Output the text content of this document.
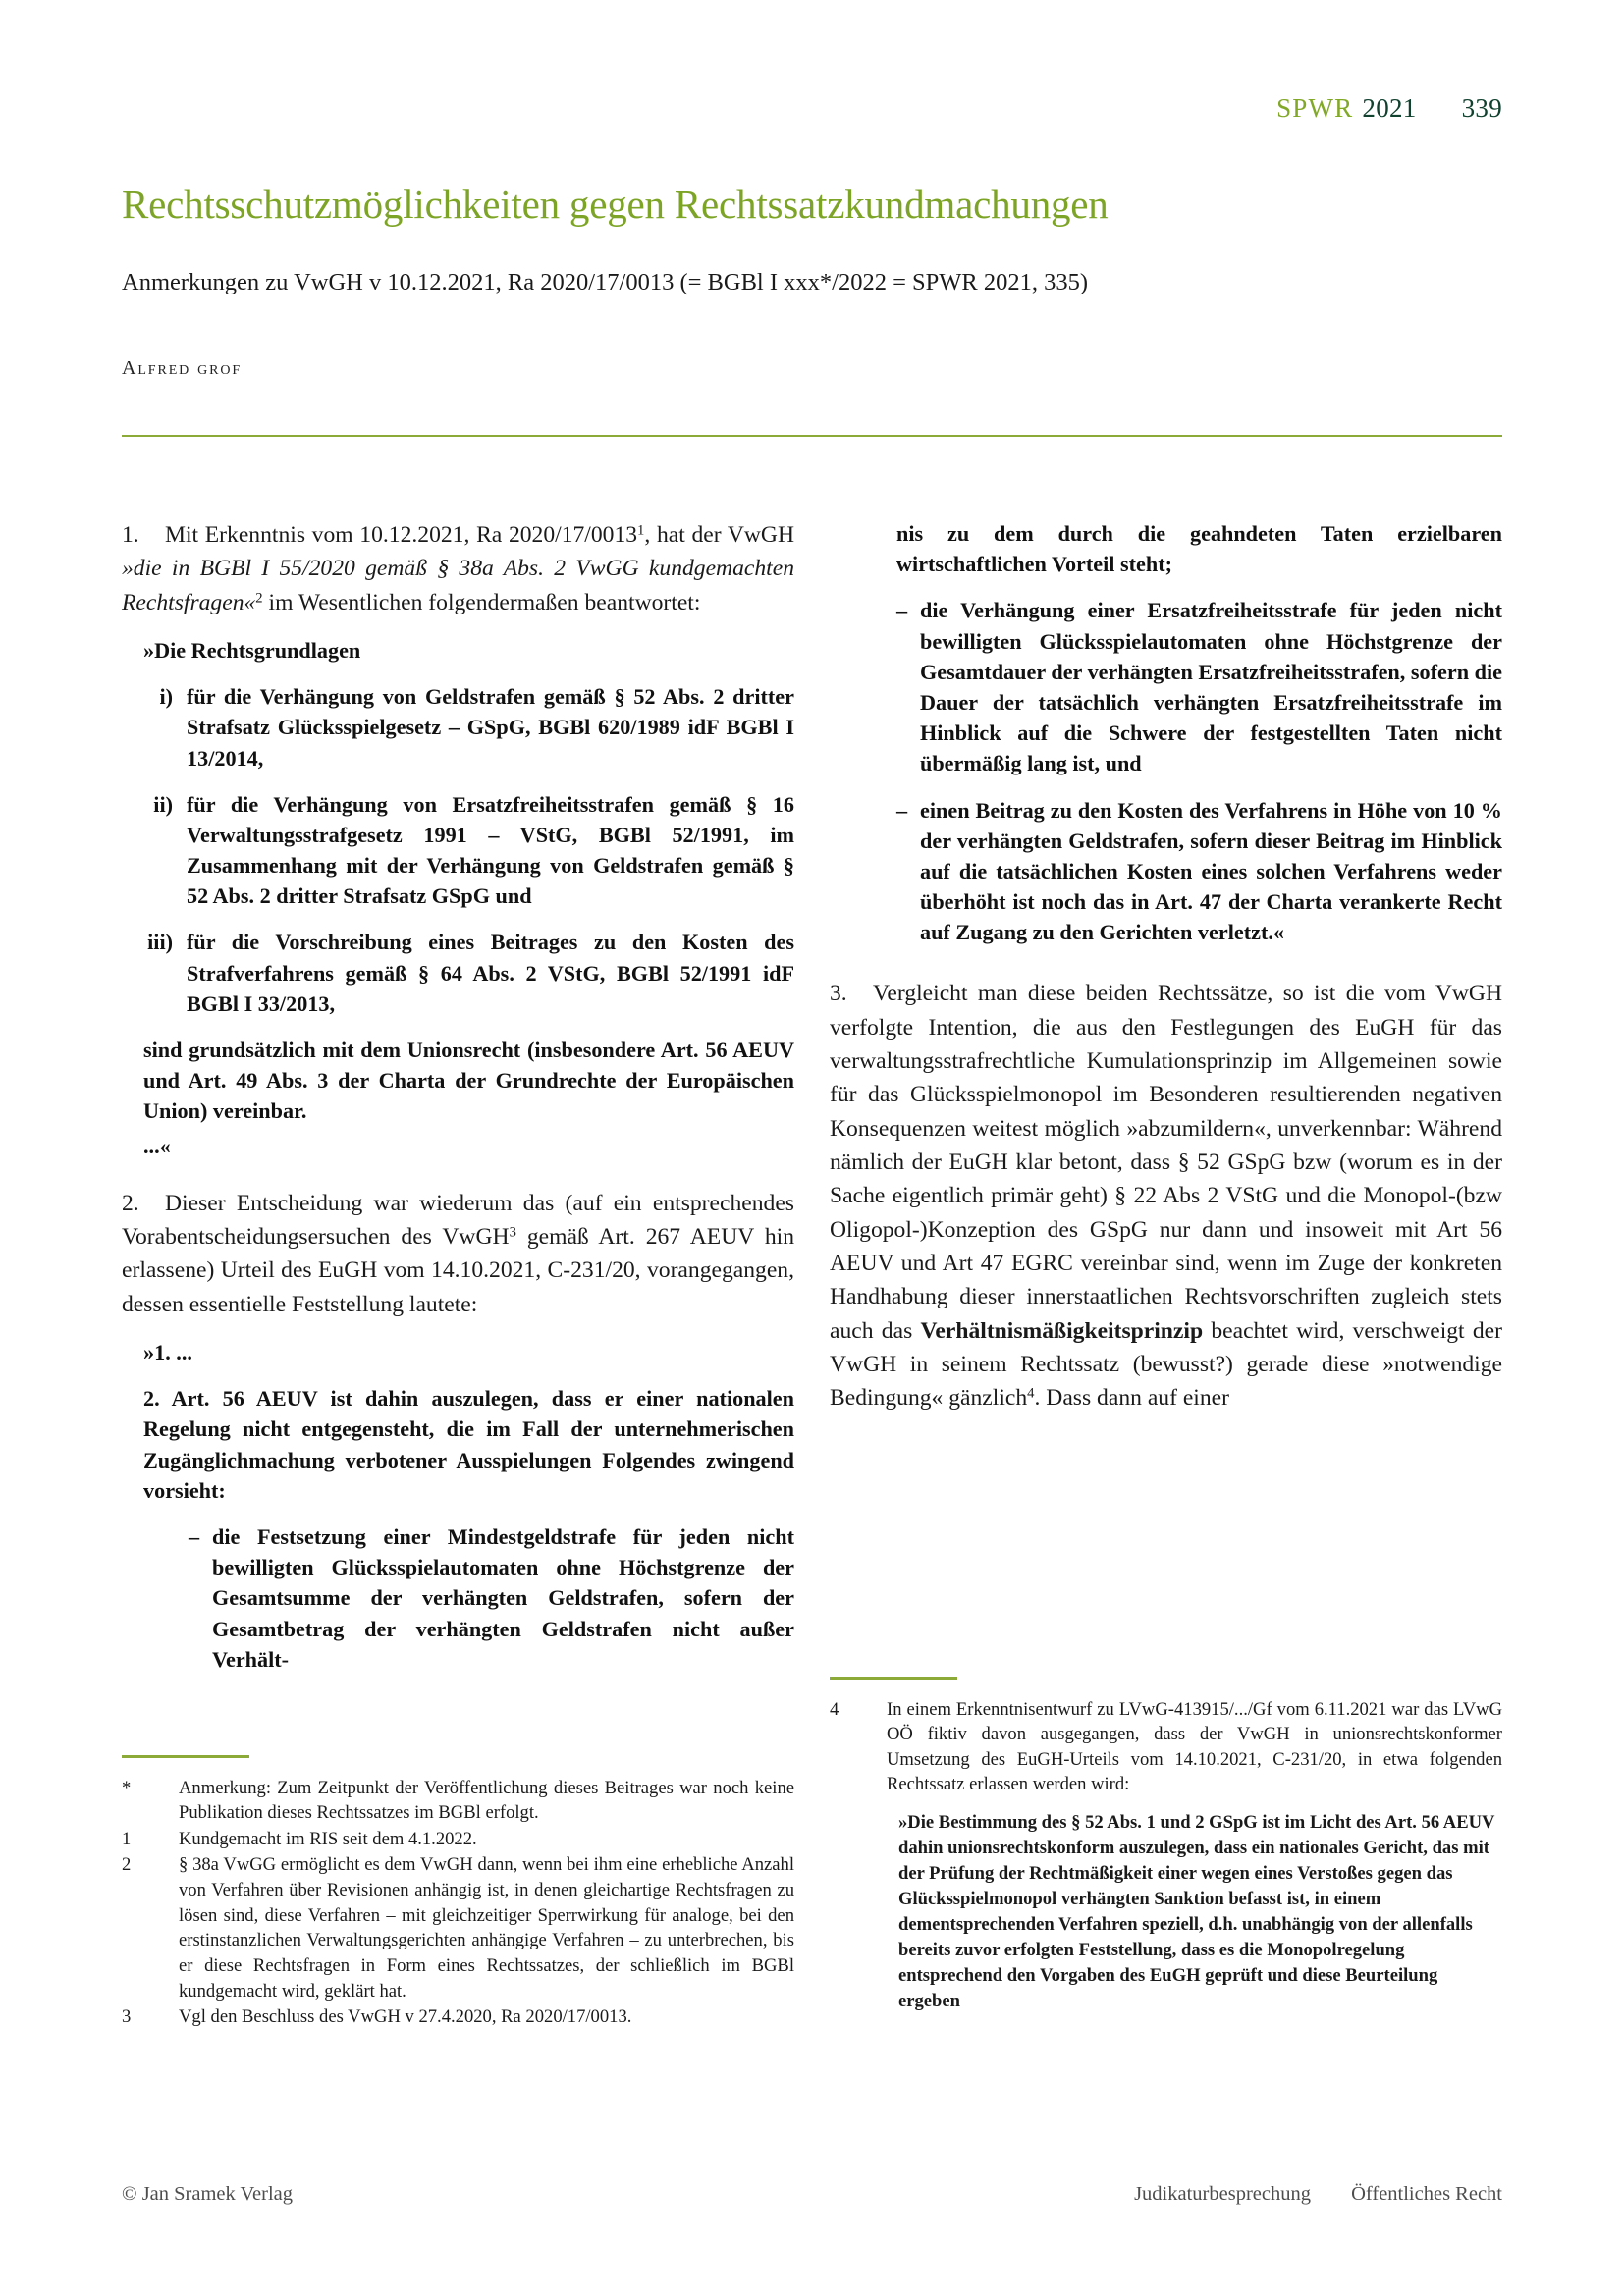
SPWR 2021 339
Rechtsschutzmöglichkeiten gegen Rechtssatzkundmachungen
Anmerkungen zu VwGH v 10.12.2021, Ra 2020/17/0013 (= BGBl I xxx*/2022 = SPWR 2021, 335)
Alfred grof

1. Mit Erkenntnis vom 10.12.2021, Ra 2020/17/0013$^1$, hat der VwGH »die in BGBl I 55/2020 gemäß § 38a Abs. 2 VwGG kundgemachten Rechtsfragen«$^2$ im Wesentlichen folgendermaßen beantwortet:

»Die Rechtsgrundlagen
i) für die Verhängung von Geldstrafen gemäß § 52 Abs. 2 dritter Strafsatz Glücksspielgesetz – GSpG, BGBl 620/1989 idF BGBl I 13/2014,
ii) für die Verhängung von Ersatzfreiheitsstrafen gemäß § 16 Verwaltungsstrafgesetz 1991 – VStG, BGBl 52/1991, im Zusammenhang mit der Verhängung von Geldstrafen gemäß § 52 Abs. 2 dritter Strafsatz GSpG und
iii) für die Vorschreibung eines Beitrages zu den Kosten des Strafverfahrens gemäß § 64 Abs. 2 VStG, BGBl 52/1991 idF BGBl I 33/2013,
sind grundsätzlich mit dem Unionsrecht (insbesondere Art. 56 AEUV und Art. 49 Abs. 3 der Charta der Grundrechte der Europäischen Union) vereinbar.
...«

2. Dieser Entscheidung war wiederum das (auf ein entsprechendes Vorabentscheidungsersuchen des VwGH$^3$ gemäß Art. 267 AEUV hin erlassene) Urteil des EuGH vom 14.10.2021, C-231/20, vorangegangen, dessen essentielle Feststellung lautete:

»1. ...
2. Art. 56 AEUV ist dahin auszulegen, dass er einer nationalen Regelung nicht entgegensteht, die im Fall der unternehmerischen Zugänglichmachung verbotener Ausspielungen Folgendes zwingend vorsieht:
– die Festsetzung einer Mindestgeldstrafe für jeden nicht bewilligten Glücksspielautomaten ohne Höchstgrenze der Gesamtsumme der verhängten Geldstrafen, sofern der Gesamtbetrag der verhängten Geldstrafen nicht außer Verhält-
nis zu dem durch die geahndeten Taten erzielbaren wirtschaftlichen Vorteil steht;
– die Verhängung einer Ersatzfreiheitsstrafe für jeden nicht bewilligten Glücksspielautomaten ohne Höchstgrenze der Gesamtdauer der verhängten Ersatzfreiheitsstrafen, sofern die Dauer der tatsächlich verhängten Ersatzfreiheitsstrafe im Hinblick auf die Schwere der festgestellten Taten nicht übermäßig lang ist, und
– einen Beitrag zu den Kosten des Verfahrens in Höhe von 10 % der verhängten Geldstrafen, sofern dieser Beitrag im Hinblick auf die tatsächlichen Kosten eines solchen Verfahrens weder überhöht ist noch das in Art. 47 der Charta verankerte Recht auf Zugang zu den Gerichten verletzt.«

3. Vergleicht man diese beiden Rechtssätze, so ist die vom VwGH verfolgte Intention, die aus den Festlegungen des EuGH für das verwaltungsstrafrechtliche Kumulationsprinzip im Allgemeinen sowie für das Glücksspielmonopol im Besonderen resultierenden negativen Konsequenzen weitest möglich »abzumildern«, unverkennbar: Während nämlich der EuGH klar betont, dass § 52 GSpG bzw (worum es in der Sache eigentlich primär geht) § 22 Abs 2 VStG und die Monopol-(bzw Oligopol-)Konzeption des GSpG nur dann und insoweit mit Art 56 AEUV und Art 47 EGRC vereinbar sind, wenn im Zuge der konkreten Handhabung dieser innerstaatlichen Rechtsvorschriften zugleich stets auch das Verhältnismäßigkeitsprinzip beachtet wird, verschweigt der VwGH in seinem Rechtssatz (bewusst?) gerade diese »notwendige Bedingung« gänzlich$^4$. Dass dann auf einer

*	Anmerkung: Zum Zeitpunkt der Veröffentlichung dieses Beitrages war noch keine Publikation dieses Rechtssatzes im BGBl erfolgt.
1	Kundgemacht im RIS seit dem 4.1.2022.
2	§ 38a VwGG ermöglicht es dem VwGH dann, wenn bei ihm eine erhebliche Anzahl von Verfahren über Revisionen anhängig ist, in denen gleichartige Rechtsfragen zu lösen sind, diese Verfahren – mit gleichzeitiger Sperrwirkung für analoge, bei den erstinstanzlichen Verwaltungsgerichten anhängige Verfahren – zu unterbrechen, bis er diese Rechtsfragen in Form eines Rechtssatzes, der schließlich im BGBl kundgemacht wird, geklärt hat.
3	Vgl den Beschluss des VwGH v 27.4.2020, Ra 2020/17/0013.
4	In einem Erkenntnisentwurf zu LVwG-413915/.../Gf vom 6.11.2021 war das LVwG OÖ fiktiv davon ausgegangen, dass der VwGH in unionsrechtskonformer Umsetzung des EuGH-Urteils vom 14.10.2021, C-231/20, in etwa folgenden Rechtssatz erlassen werden wird:
»Die Bestimmung des § 52 Abs. 1 und 2 GSpG ist im Licht des Art. 56 AEUV dahin unionsrechtskonform auszulegen, dass ein nationales Gericht, das mit der Prüfung der Rechtmäßigkeit einer wegen eines Verstoßes gegen das Glücksspielmonopol verhängten Sanktion befasst ist, in einem dementsprechenden Verfahren speziell, d.h. unabhängig von der allenfalls bereits zuvor erfolgten Feststellung, dass es die Monopolregelung entsprechend den Vorgaben des EuGH geprüft und diese Beurteilung ergeben
© Jan Sramek Verlag	Judikaturbesprechung Öffentliches Recht
